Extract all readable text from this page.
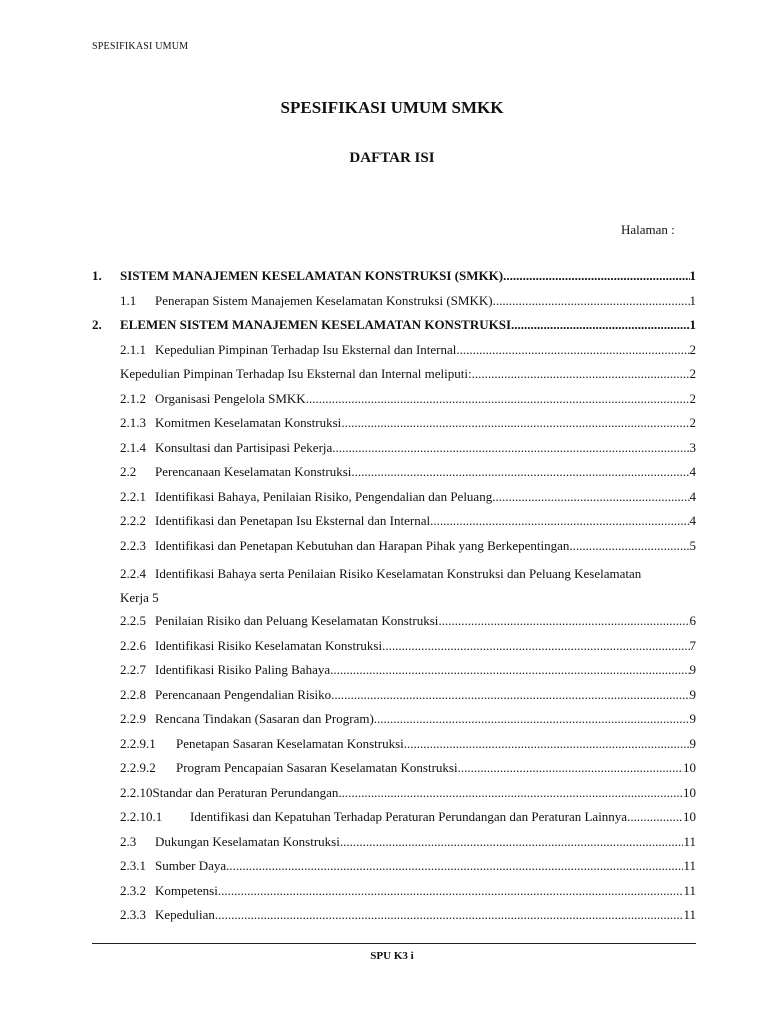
SPESIFIKASI UMUM
SPESIFIKASI UMUM SMKK
DAFTAR ISI
Halaman :
1.	SISTEM MANAJEMEN KESELAMATAN KONSTRUKSI (SMKK) .....	1
1.1	Penerapan Sistem Manajemen Keselamatan Konstruksi (SMKK) .....	1
2.	ELEMEN SISTEM MANAJEMEN KESELAMATAN KONSTRUKSI .....	1
2.1.1 Kepedulian Pimpinan Terhadap Isu Eksternal dan Internal .....	2
Kepedulian Pimpinan Terhadap Isu Eksternal dan Internal meliputi: .....	2
2.1.2 Organisasi Pengelola SMKK .....	2
2.1.3 Komitmen Keselamatan Konstruksi .....	2
2.1.4 Konsultasi dan Partisipasi Pekerja .....	3
2.2	Perencanaan Keselamatan Konstruksi .....	4
2.2.1 Identifikasi Bahaya, Penilaian Risiko, Pengendalian dan Peluang .....	4
2.2.2 Identifikasi dan Penetapan Isu Eksternal dan Internal .....	4
2.2.3 Identifikasi dan Penetapan Kebutuhan dan Harapan Pihak yang Berkepentingan .....	5
2.2.4 Identifikasi Bahaya serta Penilaian Risiko Keselamatan Konstruksi dan Peluang Keselamatan
Kerja 5
2.2.5 Penilaian Risiko dan Peluang Keselamatan Konstruksi .....	6
2.2.6 Identifikasi Risiko Keselamatan Konstruksi .....	7
2.2.7 Identifikasi Risiko Paling Bahaya .....	9
2.2.8 Perencanaan Pengendalian Risiko .....	9
2.2.9 Rencana Tindakan (Sasaran dan Program) .....	9
2.2.9.1	Penetapan Sasaran Keselamatan Konstruksi .....	9
2.2.9.2	Program Pencapaian Sasaran Keselamatan Konstruksi .....	10
2.2.10 Standar dan Peraturan Perundangan .....	10
2.2.10.1	Identifikasi dan Kepatuhan Terhadap Peraturan Perundangan dan Peraturan Lainnya .....	10
2.3	Dukungan Keselamatan Konstruksi .....	11
2.3.1 Sumber Daya .....	11
2.3.2 Kompetensi .....	11
2.3.3 Kepedulian .....	11
SPU K3 i
